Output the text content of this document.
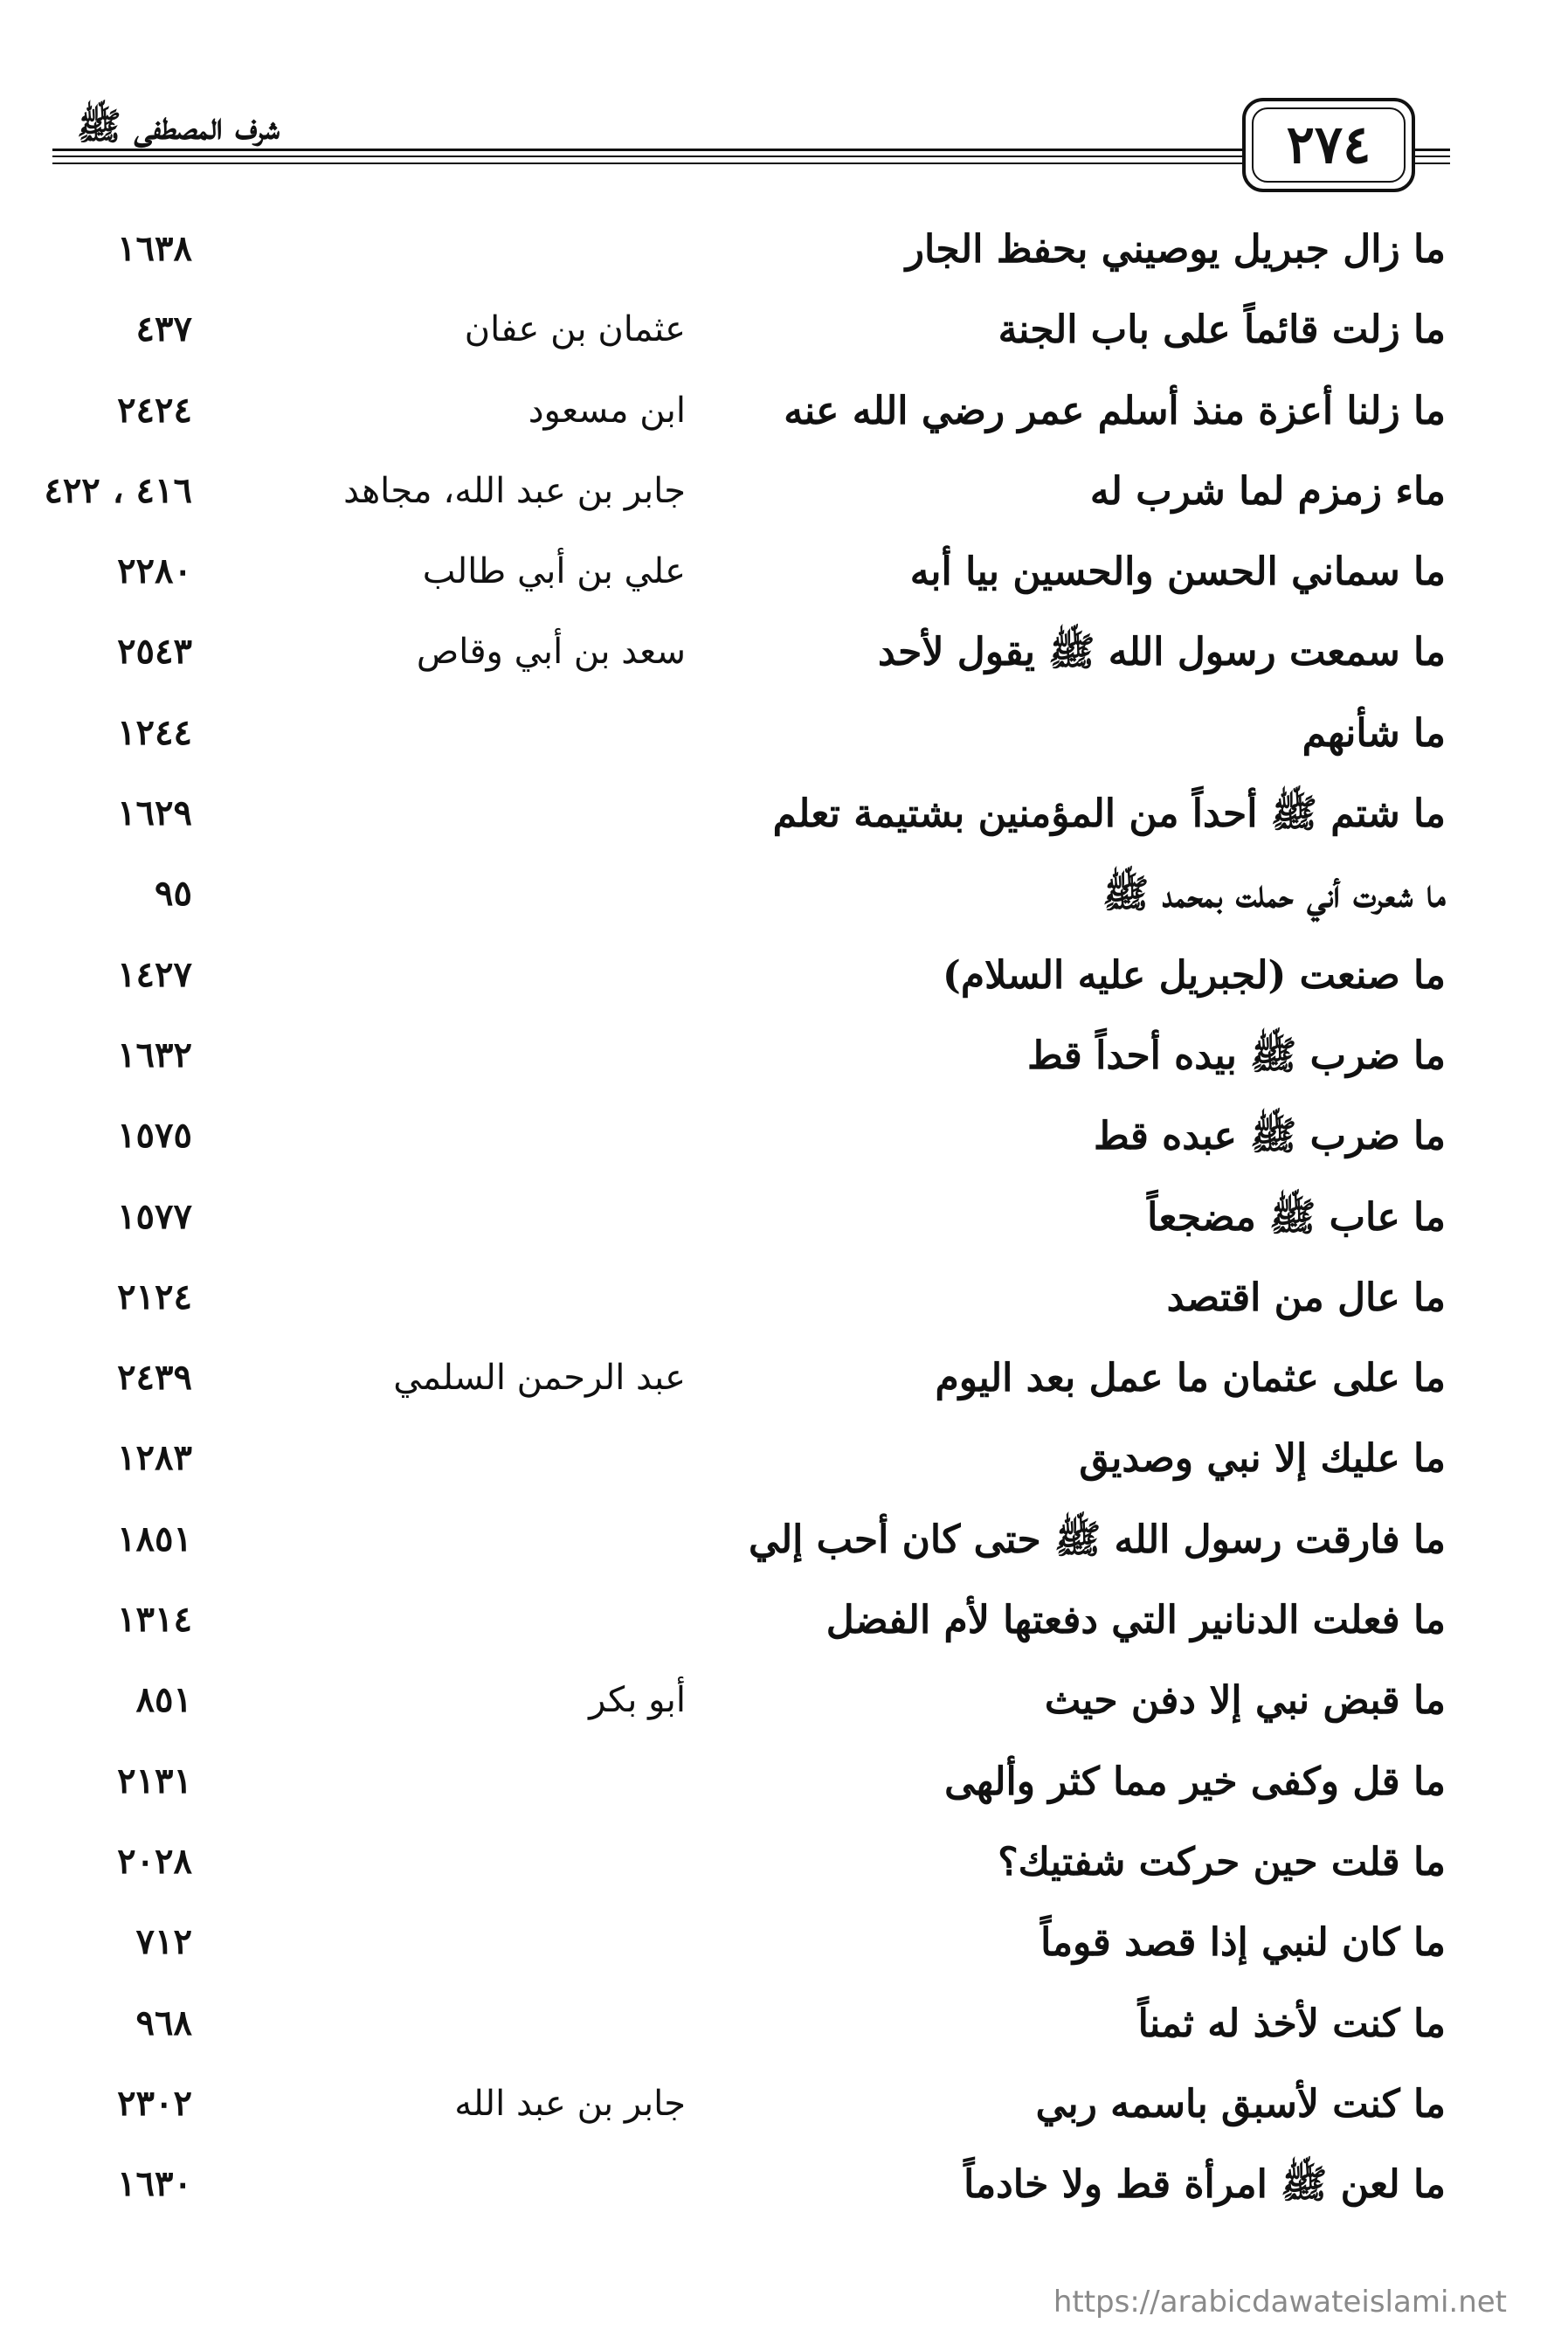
٢٧٤
شرف المصطفى ﷺ
ما زال جبريل يوصيني بحفظ الجار
١٦٣٨
ما زلت قائماً على باب الجنة
عثمان بن عفان
٤٣٧
ما زلنا أعزة منذ أسلم عمر رضي الله عنه
ابن مسعود
٢٤٢٤
ماء زمزم لما شرب له
جابر بن عبد الله، مجاهد
٤١٦ ، ٤٢٢
ما سماني الحسن والحسين بيا أبه
علي بن أبي طالب
٢٢٨٠
ما سمعت رسول الله ﷺ يقول لأحد
سعد بن أبي وقاص
٢٥٤٣
ما شأنهم
١٢٤٤
ما شتم ﷺ أحداً من المؤمنين بشتيمة تعلم
١٦٢٩
ما شعرت أني حملت بمحمد ﷺ
٩٥
ما صنعت (لجبريل عليه السلام)
١٤٢٧
ما ضرب ﷺ بيده أحداً قط
١٦٣٢
ما ضرب ﷺ عبده قط
١٥٧٥
ما عاب ﷺ مضجعاً
١٥٧٧
ما عال من اقتصد
٢١٢٤
ما على عثمان ما عمل بعد اليوم
عبد الرحمن السلمي
٢٤٣٩
ما عليك إلا نبي وصديق
١٢٨٣
ما فارقت رسول الله ﷺ حتى كان أحب إلي
١٨٥١
ما فعلت الدنانير التي دفعتها لأم الفضل
١٣١٤
ما قبض نبي إلا دفن حيث
أبو بكر
٨٥١
ما قل وكفى خير مما كثر وألهى
٢١٣١
ما قلت حين حركت شفتيك؟
٢٠٢٨
ما كان لنبي إذا قصد قوماً
٧١٢
ما كنت لأخذ له ثمناً
٩٦٨
ما كنت لأسبق باسمه ربي
جابر بن عبد الله
٢٣٠٢
ما لعن ﷺ امرأة قط ولا خادماً
١٦٣٠
https://arabicdawateislami.net
